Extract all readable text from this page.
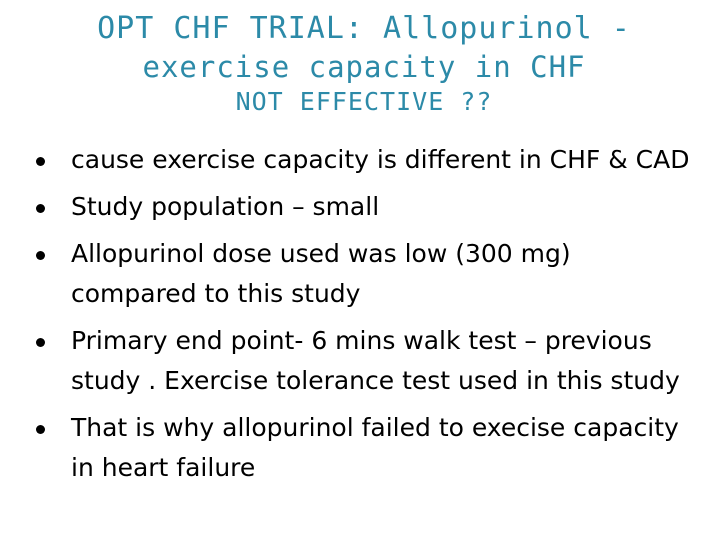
OPT CHF TRIAL: Allopurinol -
exercise capacity in CHF
NOT EFFECTIVE ??
cause exercise capacity is different in CHF & CAD
Study population – small
Allopurinol dose used was low (300 mg) compared to this study
Primary end point- 6 mins walk test – previous study . Exercise tolerance test used in this study
That is why allopurinol failed to execise capacity in heart failure
